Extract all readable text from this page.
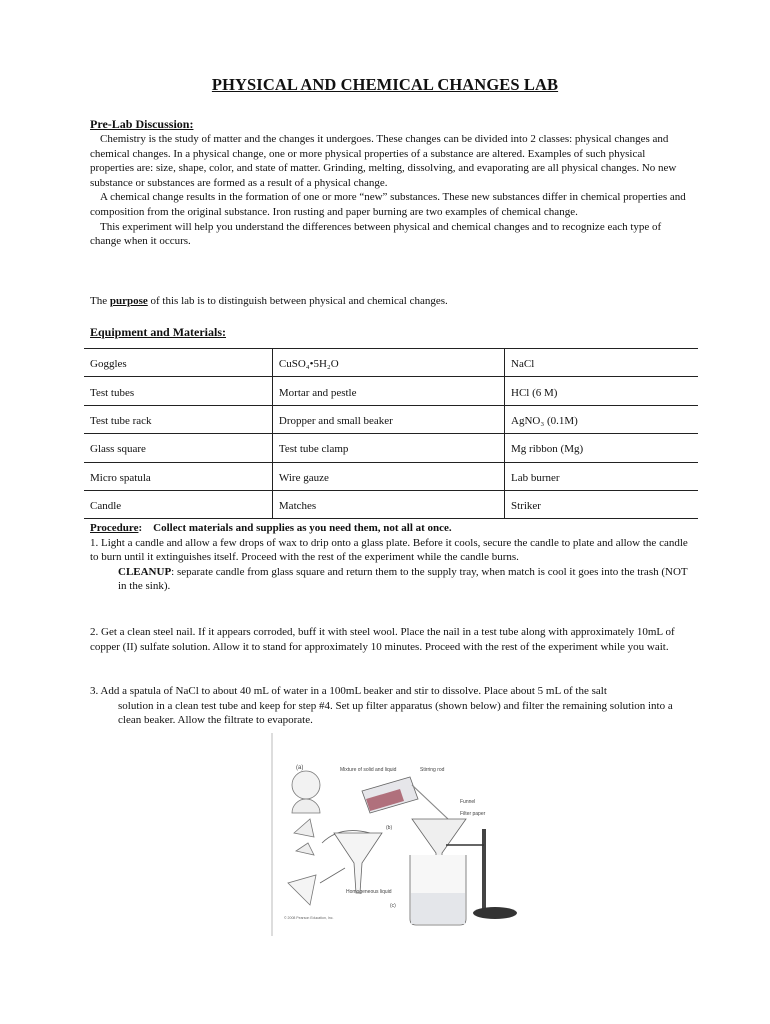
PHYSICAL AND CHEMICAL CHANGES LAB
Pre-Lab Discussion:

Chemistry is the study of matter and the changes it undergoes. These changes can be divided into 2 classes: physical changes and chemical changes. In a physical change, one or more physical properties of a substance are altered. Examples of such physical properties are: size, shape, color, and state of matter. Grinding, melting, dissolving, and evaporating are all physical changes. No new substance or substances are formed as a result of a physical change.

A chemical change results in the formation of one or more “new” substances. These new substances differ in chemical properties and composition from the original substance. Iron rusting and paper burning are two examples of chemical change.

This experiment will help you understand the differences between physical and chemical changes and to recognize each type of change when it occurs.

The purpose of this lab is to distinguish between physical and chemical changes.
Equipment and Materials:
Goggles	CuSO₄•5H₂O	NaCl
Test tubes	Mortar and pestle	HCl (6 M)
Test tube rack	Dropper and small beaker	AgNO₃ (0.1M)
Glass square	Test tube clamp	Mg ribbon (Mg)
Micro spatula	Wire gauze	Lab burner
Candle	Matches	Striker
Procedure: Collect materials and supplies as you need them, not all at once.
1. Light a candle and allow a few drops of wax to drip onto a glass plate. Before it cools, secure the candle to plate and allow the candle to burn until it extinguishes itself. Proceed with the rest of the experiment while the candle burns.
CLEANUP: separate candle from glass square and return them to the supply tray, when match is cool it goes into the trash (NOT in the sink).
2. Get a clean steel nail. If it appears corroded, buff it with steel wool. Place the nail in a test tube along with approximately 10mL of copper (II) sulfate solution. Allow it to stand for approximately 10 minutes. Proceed with the rest of the experiment while you wait.
3. Add a spatula of NaCl to about 40 mL of water in a 100mL beaker and stir to dissolve. Place about 5 mL of the salt
solution in a clean test tube and keep for step #4. Set up filter apparatus (shown below) and filter the remaining solution into a clean beaker. Allow the filtrate to evaporate.
(a)
(b)
Mixture of solid and liquid	Stirring rod
Funnel
Filter paper
Homogeneous liquid
(c)
© 2008 Pearson Education, Inc.
